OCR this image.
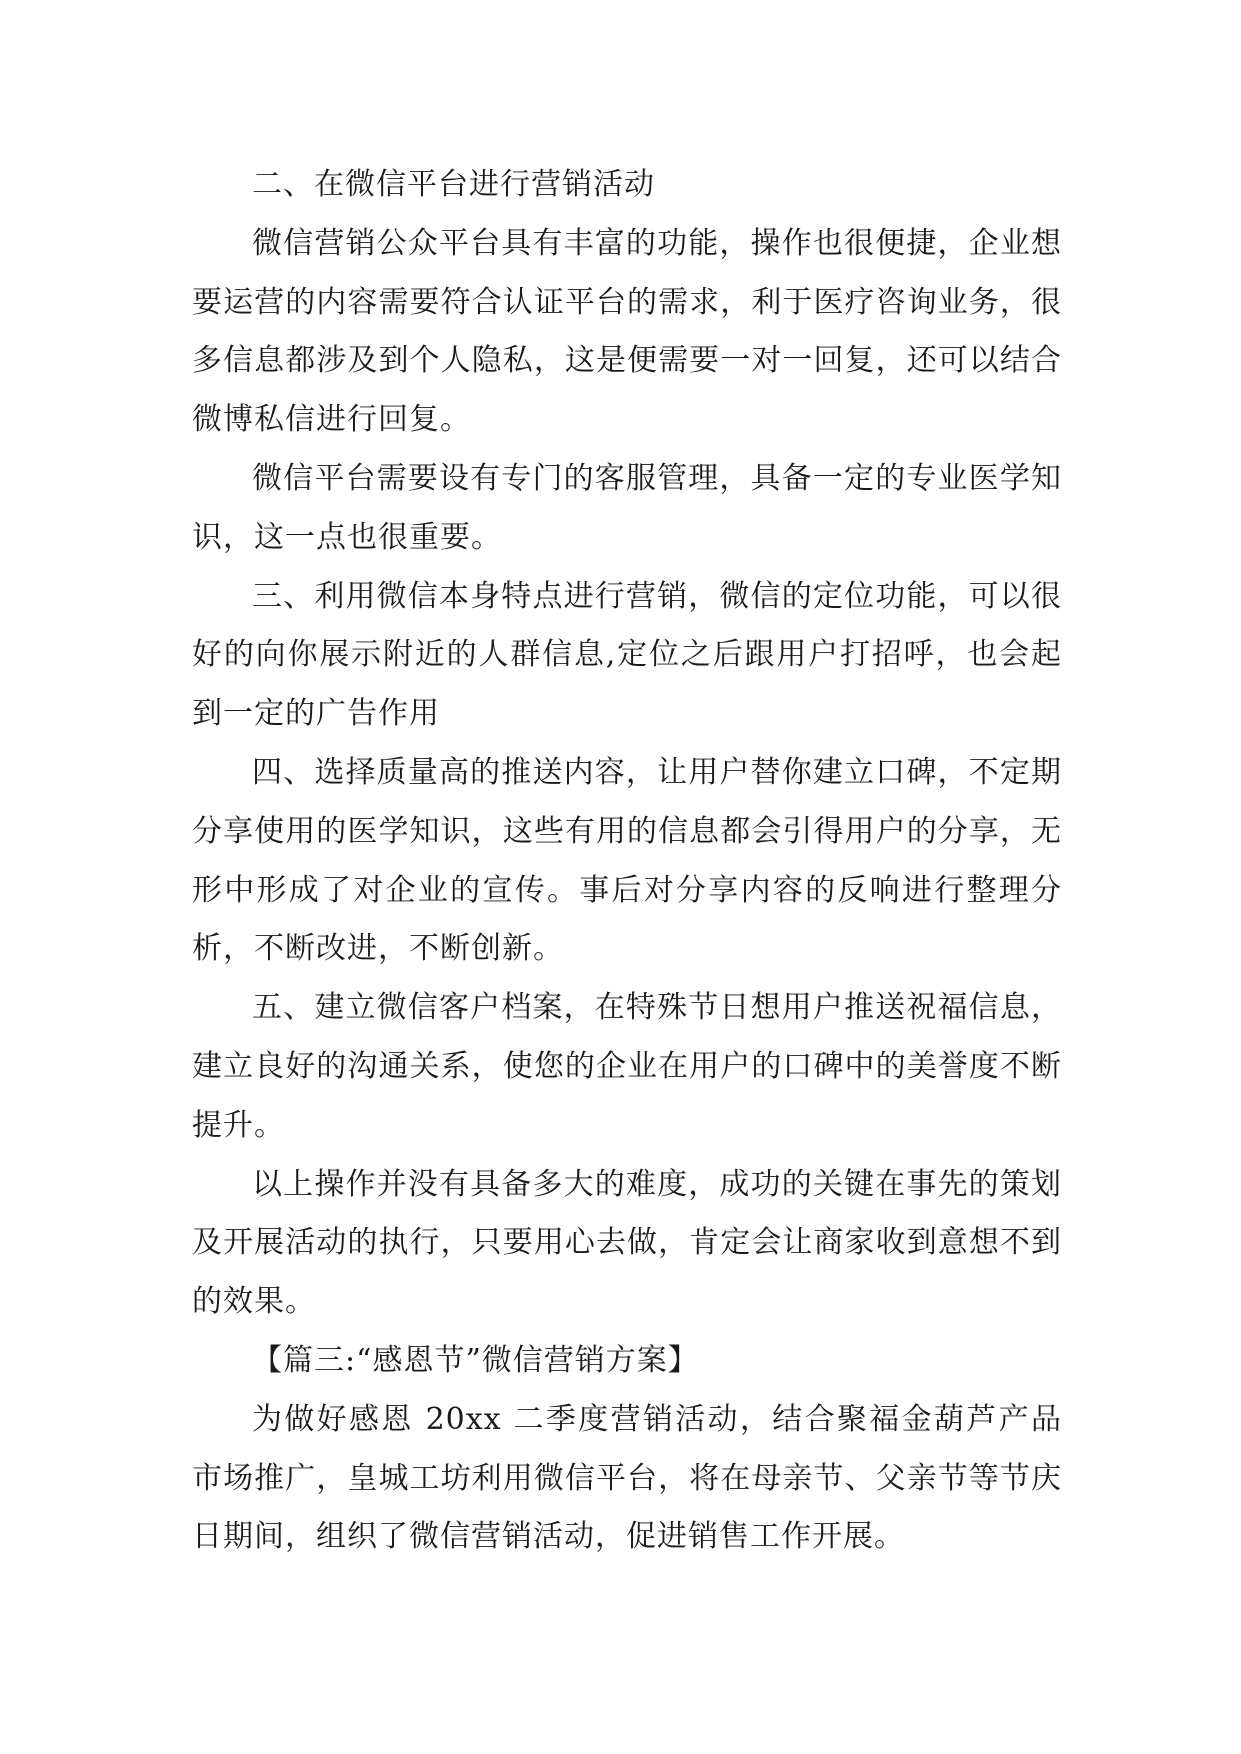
二、在微信平台进行营销活动

微信营销公众平台具有丰富的功能，操作也很便捷，企业想要运营的内容需要符合认证平台的需求，利于医疗咨询业务，很多信息都涉及到个人隐私，这是便需要一对一回复，还可以结合微博私信进行回复。

微信平台需要设有专门的客服管理，具备一定的专业医学知识，这一点也很重要。

三、利用微信本身特点进行营销，微信的定位功能，可以很好的向你展示附近的人群信息,定位之后跟用户打招呼，也会起到一定的广告作用

四、选择质量高的推送内容，让用户替你建立口碑，不定期分享使用的医学知识，这些有用的信息都会引得用户的分享，无形中形成了对企业的宣传。事后对分享内容的反响进行整理分析，不断改进，不断创新。

五、建立微信客户档案，在特殊节日想用户推送祝福信息，建立良好的沟通关系，使您的企业在用户的口碑中的美誉度不断提升。

以上操作并没有具备多大的难度，成功的关键在事先的策划及开展活动的执行，只要用心去做，肯定会让商家收到意想不到的效果。

【篇三:“感恩节”微信营销方案】

为做好感恩 20xx 二季度营销活动，结合聚福金葫芦产品市场推广，皇城工坊利用微信平台，将在母亲节、父亲节等节庆日期间，组织了微信营销活动，促进销售工作开展。
